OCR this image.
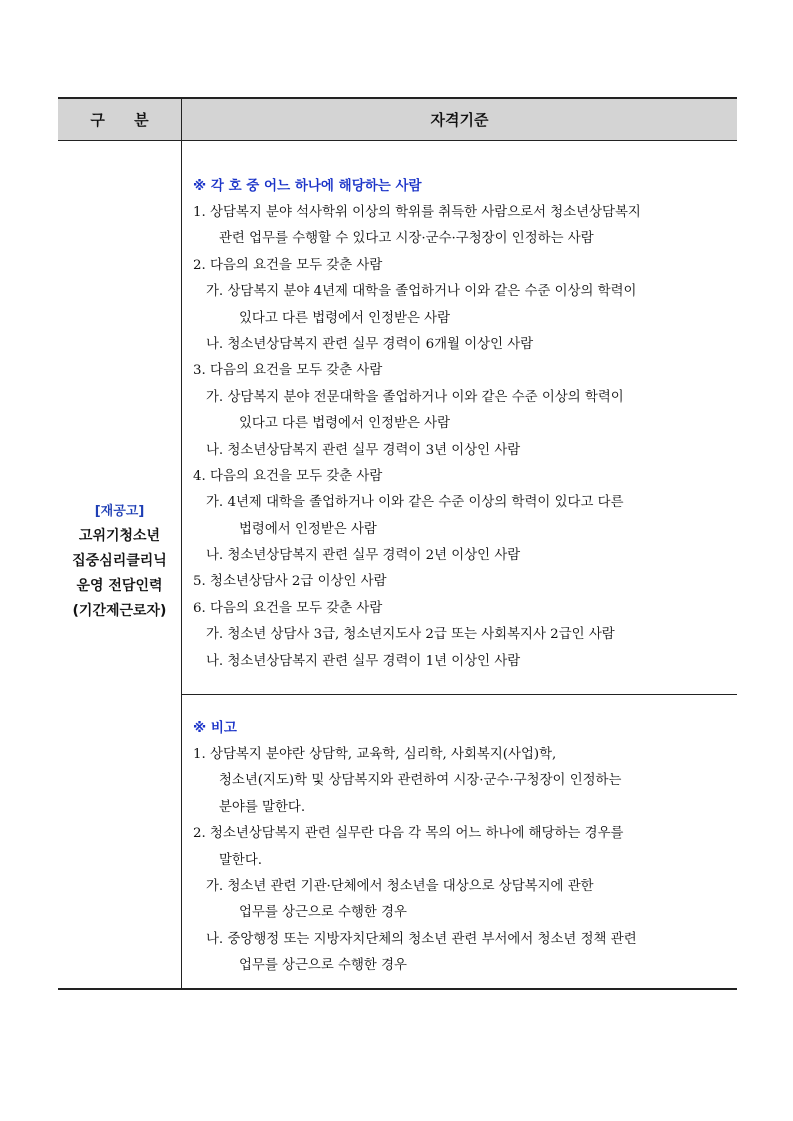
구 분	자격기준
[재공고]
고위기청소년
집중심리클리닉
운영 전담인력
(기간제근로자)
※ 각 호 중 어느 하나에 해당하는 사람
1. 상담복지 분야 석사학위 이상의 학위를 취득한 사람으로서 청소년상담복지
관련 업무를 수행할 수 있다고 시장·군수·구청장이 인정하는 사람
2. 다음의 요건을 모두 갖춘 사람
가. 상담복지 분야 4년제 대학을 졸업하거나 이와 같은 수준 이상의 학력이
있다고 다른 법령에서 인정받은 사람
나. 청소년상담복지 관련 실무 경력이 6개월 이상인 사람
3. 다음의 요건을 모두 갖춘 사람
가. 상담복지 분야 전문대학을 졸업하거나 이와 같은 수준 이상의 학력이
있다고 다른 법령에서 인정받은 사람
나. 청소년상담복지 관련 실무 경력이 3년 이상인 사람
4. 다음의 요건을 모두 갖춘 사람
가. 4년제 대학을 졸업하거나 이와 같은 수준 이상의 학력이 있다고 다른
법령에서 인정받은 사람
나. 청소년상담복지 관련 실무 경력이 2년 이상인 사람
5. 청소년상담사 2급 이상인 사람
6. 다음의 요건을 모두 갖춘 사람
가. 청소년 상담사 3급, 청소년지도사 2급 또는 사회복지사 2급인 사람
나. 청소년상담복지 관련 실무 경력이 1년 이상인 사람
※ 비고
1. 상담복지 분야란 상담학, 교육학, 심리학, 사회복지(사업)학,
청소년(지도)학 및 상담복지와 관련하여 시장·군수·구청장이 인정하는
분야를 말한다.
2. 청소년상담복지 관련 실무란 다음 각 목의 어느 하나에 해당하는 경우를
말한다.
가. 청소년 관련 기관·단체에서 청소년을 대상으로 상담복지에 관한
업무를 상근으로 수행한 경우
나. 중앙행정 또는 지방자치단체의 청소년 관련 부서에서 청소년 정책 관련
업무를 상근으로 수행한 경우
